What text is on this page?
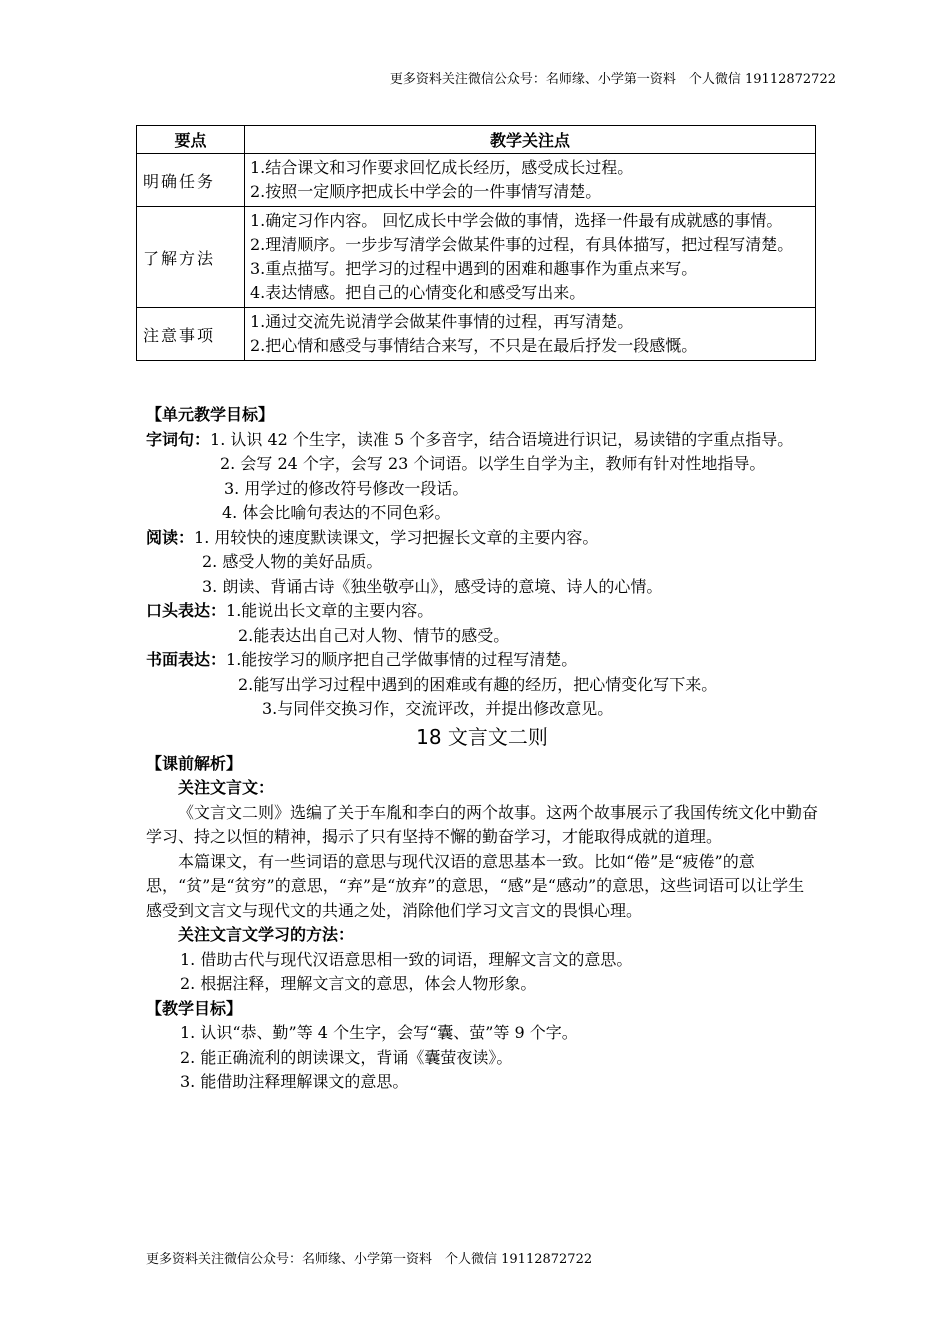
更多资料关注微信公众号：名师缘、小学第一资料　个人微信 19112872722
要点	教学关注点
明确任务	1.结合课文和习作要求回忆成长经历，感受成长过程。
2.按照一定顺序把成长中学会的一件事情写清楚。

了解方法	1.确定习作内容。 回忆成长中学会做的事情，选择一件最有成就感的事情。
2.理清顺序。一步步写清学会做某件事的过程，有具体描写，把过程写清楚。
3.重点描写。把学习的过程中遇到的困难和趣事作为重点来写。
4.表达情感。把自己的心情变化和感受写出来。

注意事项	1.通过交流先说清学会做某件事情的过程，再写清楚。
2.把心情和感受与事情结合来写，不只是在最后抒发一段感慨。

【单元教学目标】

字词句：1. 认识 42 个生字，读准 5 个多音字，结合语境进行识记，易读错的字重点指导。

2. 会写 24 个字，会写 23 个词语。以学生自学为主，教师有针对性地指导。

3. 用学过的修改符号修改一段话。

4. 体会比喻句表达的不同色彩。

阅读：1. 用较快的速度默读课文，学习把握长文章的主要内容。

2. 感受人物的美好品质。

3. 朗读、背诵古诗《独坐敬亭山》，感受诗的意境、诗人的心情。

口头表达：1.能说出长文章的主要内容。

2.能表达出自己对人物、情节的感受。

书面表达：1.能按学习的顺序把自己学做事情的过程写清楚。

2.能写出学习过程中遇到的困难或有趣的经历，把心情变化写下来。

3.与同伴交换习作，交流评改，并提出修改意见。

18 文言文二则

【课前解析】

关注文言文：

《文言文二则》选编了关于车胤和李白的两个故事。这两个故事展示了我国传统文化中勤奋学习、持之以恒的精神，揭示了只有坚持不懈的勤奋学习，才能取得成就的道理。

本篇课文，有一些词语的意思与现代汉语的意思基本一致。比如“倦”是“疲倦”的意思，“贫”是“贫穷”的意思，“弃”是“放弃”的意思，“感”是“感动”的意思，这些词语可以让学生感受到文言文与现代文的共通之处，消除他们学习文言文的畏惧心理。

关注文言文学习的方法：

1. 借助古代与现代汉语意思相一致的词语，理解文言文的意思。

2. 根据注释，理解文言文的意思，体会人物形象。

【教学目标】

1. 认识“恭、勤”等 4 个生字，会写“囊、萤”等 9 个字。

2. 能正确流利的朗读课文，背诵《囊萤夜读》。

3. 能借助注释理解课文的意思。

更多资料关注微信公众号：名师缘、小学第一资料　个人微信 19112872722
